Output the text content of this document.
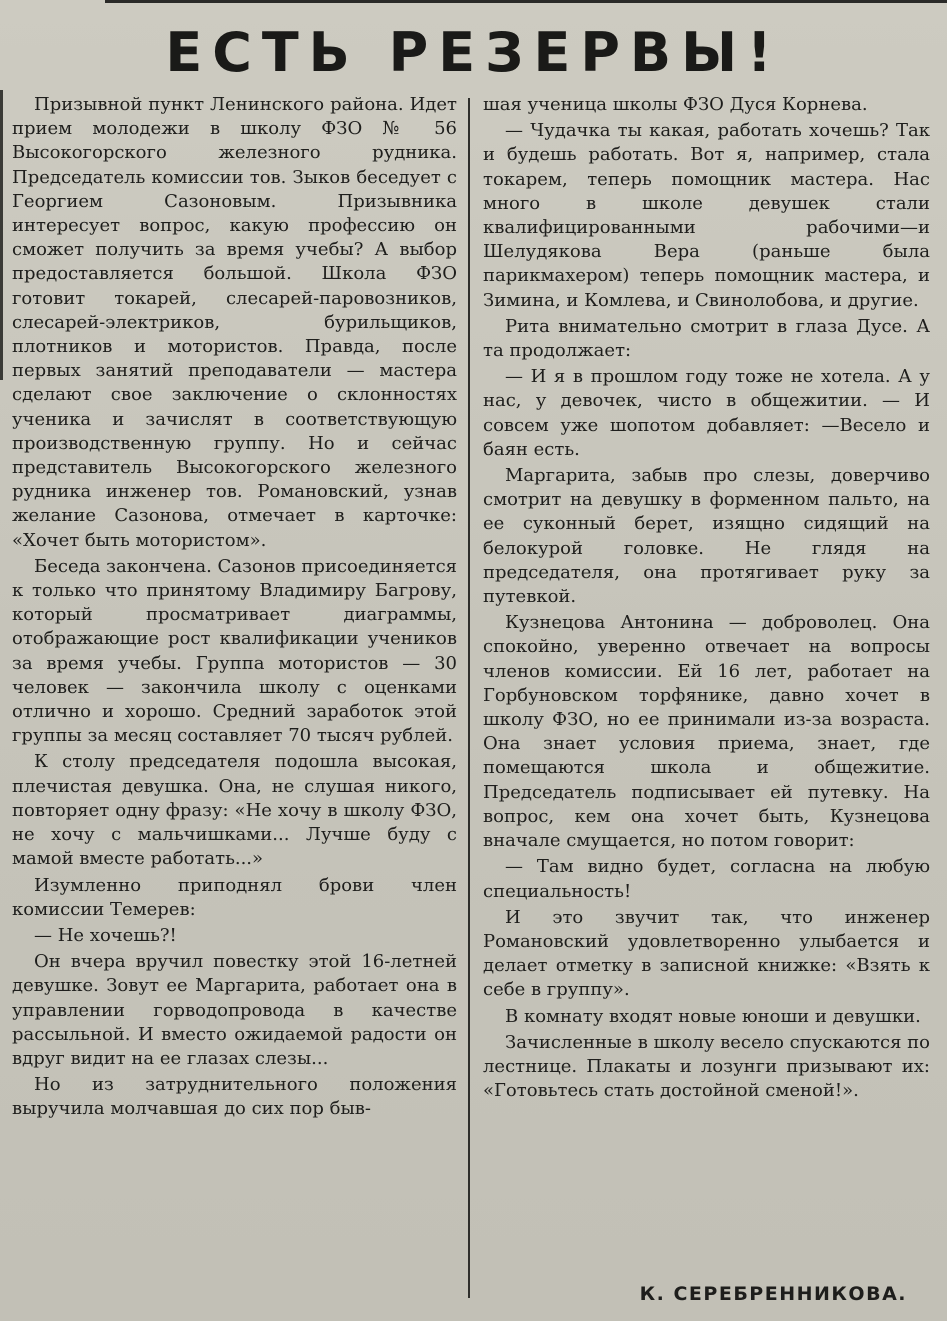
ЕСТЬ РЕЗЕРВЫ!

Призывной пункт Ленинского района. Идет прием молодежи в школу ФЗО № 56 Высокогорского железного рудника. Председатель комиссии тов. Зыков беседует с Георгием Сазоновым. Призывника интересует вопрос, какую профессию он сможет получить за время учебы? А выбор предоставляется большой. Школа ФЗО готовит токарей, слесарей-паровозников, слесарей-электриков, бурильщиков, плотников и мотористов. Правда, после первых занятий преподаватели — мастера сделают свое заключение о склонностях ученика и зачислят в соответствующую производственную группу. Но и сейчас представитель Высокогорского железного рудника инженер тов. Романовский, узнав желание Сазонова, отмечает в карточке: «Хочет быть мотористом».

Беседа закончена. Сазонов присоединяется к только что принятому Владимиру Багрову, который просматривает диаграммы, отображающие рост квалификации учеников за время учебы. Группа мотористов — 30 человек — закончила школу с оценками отлично и хорошо. Средний заработок этой группы за месяц составляет 70 тысяч рублей.

К столу председателя подошла высокая, плечистая девушка. Она, не слушая никого, повторяет одну фразу: «Не хочу в школу ФЗО, не хочу с мальчишками... Лучше буду с мамой вместе работать...»

Изумленно приподнял брови член комиссии Темерев:

— Не хочешь?!

Он вчера вручил повестку этой 16-летней девушке. Зовут ее Маргарита, работает она в управлении горводопровода в качестве рассыльной. И вместо ожидаемой радости он вдруг видит на ее глазах слезы...

Но из затруднительного положения выручила молчавшая до сих пор быв-

шая ученица школы ФЗО Дуся Корнева.

— Чудачка ты какая, работать хочешь? Так и будешь работать. Вот я, например, стала токарем, теперь помощник мастера. Нас много в школе девушек стали квалифицированными рабочими—и Шелудякова Вера (раньше была парикмахером) теперь помощник мастера, и Зимина, и Комлева, и Свинолобова, и другие.

Рита внимательно смотрит в глаза Дусе. А та продолжает:

— И я в прошлом году тоже не хотела. А у нас, у девочек, чисто в общежитии. — И совсем уже шопотом добавляет: —Весело и баян есть.

Маргарита, забыв про слезы, доверчиво смотрит на девушку в форменном пальто, на ее суконный берет, изящно сидящий на белокурой головке. Не глядя на председателя, она протягивает руку за путевкой.

Кузнецова Антонина — доброволец. Она спокойно, уверенно отвечает на вопросы членов комиссии. Ей 16 лет, работает на Горбуновском торфянике, давно хочет в школу ФЗО, но ее принимали из-за возраста. Она знает условия приема, знает, где помещаются школа и общежитие. Председатель подписывает ей путевку. На вопрос, кем она хочет быть, Кузнецова вначале смущается, но потом говорит:

— Там видно будет, согласна на любую специальность!

И это звучит так, что инженер Романовский удовлетворенно улыбается и делает отметку в записной книжке: «Взять к себе в группу».

В комнату входят новые юноши и девушки.

Зачисленные в школу весело спускаются по лестнице. Плакаты и лозунги призывают их: «Готовьтесь стать достойной сменой!».

К. СЕРЕБРЕННИКОВА.
